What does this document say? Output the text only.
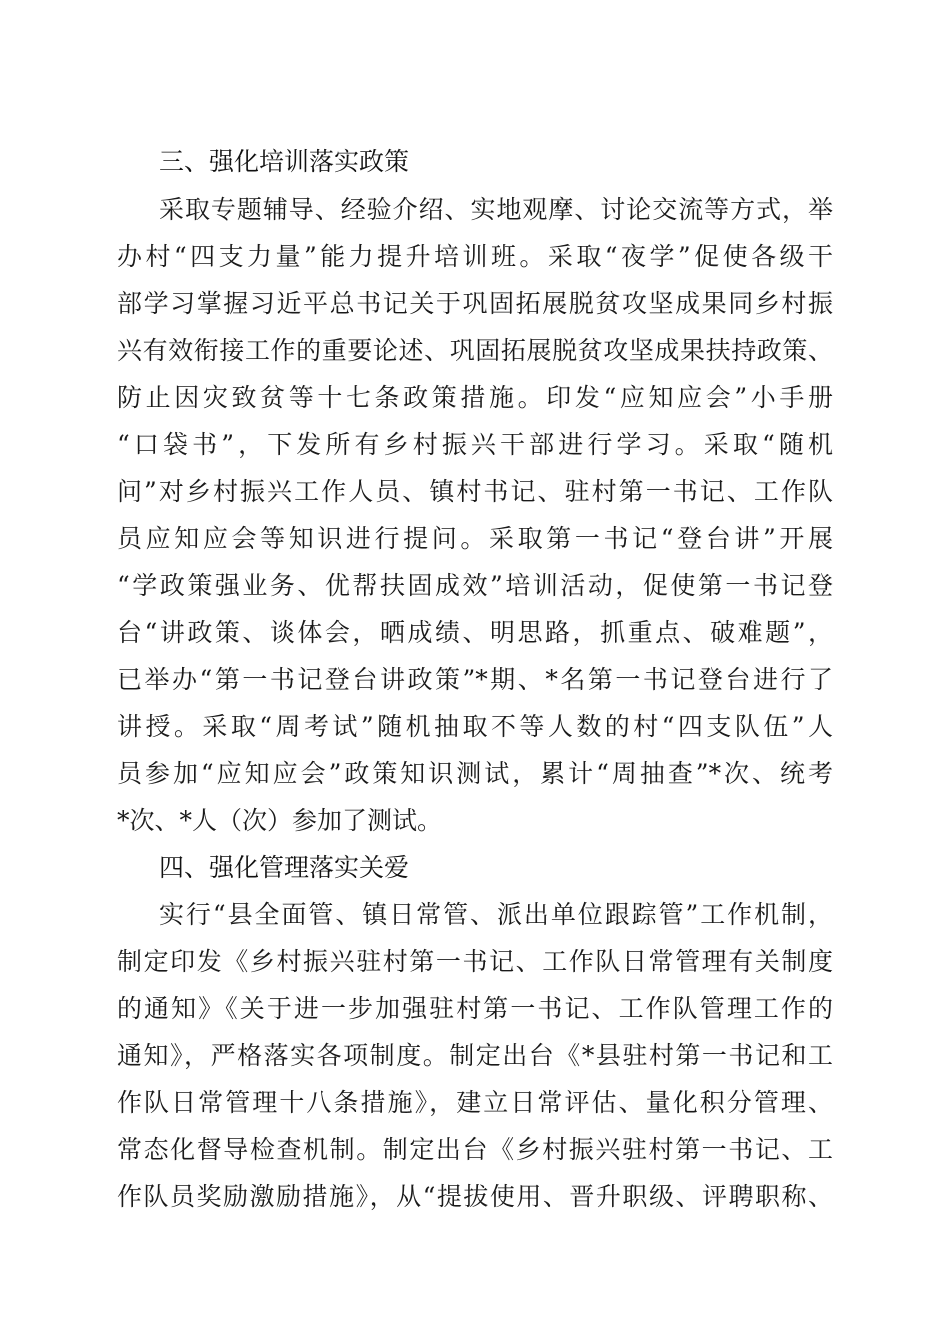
三、强化培训落实政策
采取专题辅导、经验介绍、实地观摩、讨论交流等方式，举
办村“四支力量”能力提升培训班。采取“夜学”促使各级干
部学习掌握习近平总书记关于巩固拓展脱贫攻坚成果同乡村振
兴有效衔接工作的重要论述、巩固拓展脱贫攻坚成果扶持政策、
防止因灾致贫等十七条政策措施。印发“应知应会”小手册
“口袋书”，下发所有乡村振兴干部进行学习。采取“随机
问”对乡村振兴工作人员、镇村书记、驻村第一书记、工作队
员应知应会等知识进行提问。采取第一书记“登台讲”开展
“学政策强业务、优帮扶固成效”培训活动，促使第一书记登
台“讲政策、谈体会，晒成绩、明思路，抓重点、破难题”，
已举办“第一书记登台讲政策”*期、*名第一书记登台进行了
讲授。采取“周考试”随机抽取不等人数的村“四支队伍”人
员参加“应知应会”政策知识测试，累计“周抽查”*次、统考
*次、*人（次）参加了测试。
四、强化管理落实关爱
实行“县全面管、镇日常管、派出单位跟踪管”工作机制，
制定印发《乡村振兴驻村第一书记、工作队日常管理有关制度
的通知》《关于进一步加强驻村第一书记、工作队管理工作的
通知》，严格落实各项制度。制定出台《*县驻村第一书记和工
作队日常管理十八条措施》，建立日常评估、量化积分管理、
常态化督导检查机制。制定出台《乡村振兴驻村第一书记、工
作队员奖励激励措施》，从“提拔使用、晋升职级、评聘职称、
